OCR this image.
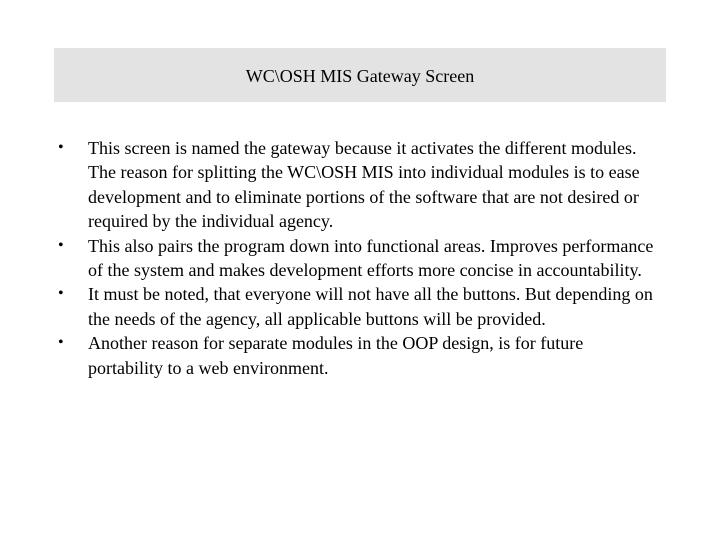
WC\OSH MIS Gateway Screen
• This screen is named the gateway because it activates the different modules. The reason for splitting the WC\OSH MIS into individual modules is to ease development and to eliminate portions of the software that are not desired or required by the individual agency.
• This also pairs the program down into functional areas. Improves performance of the system and makes development efforts more concise in accountability.
• It must be noted, that everyone will not have all the buttons. But depending on the needs of the agency, all applicable buttons will be provided.
• Another reason for separate modules in the OOP design, is for future portability to a web environment.
